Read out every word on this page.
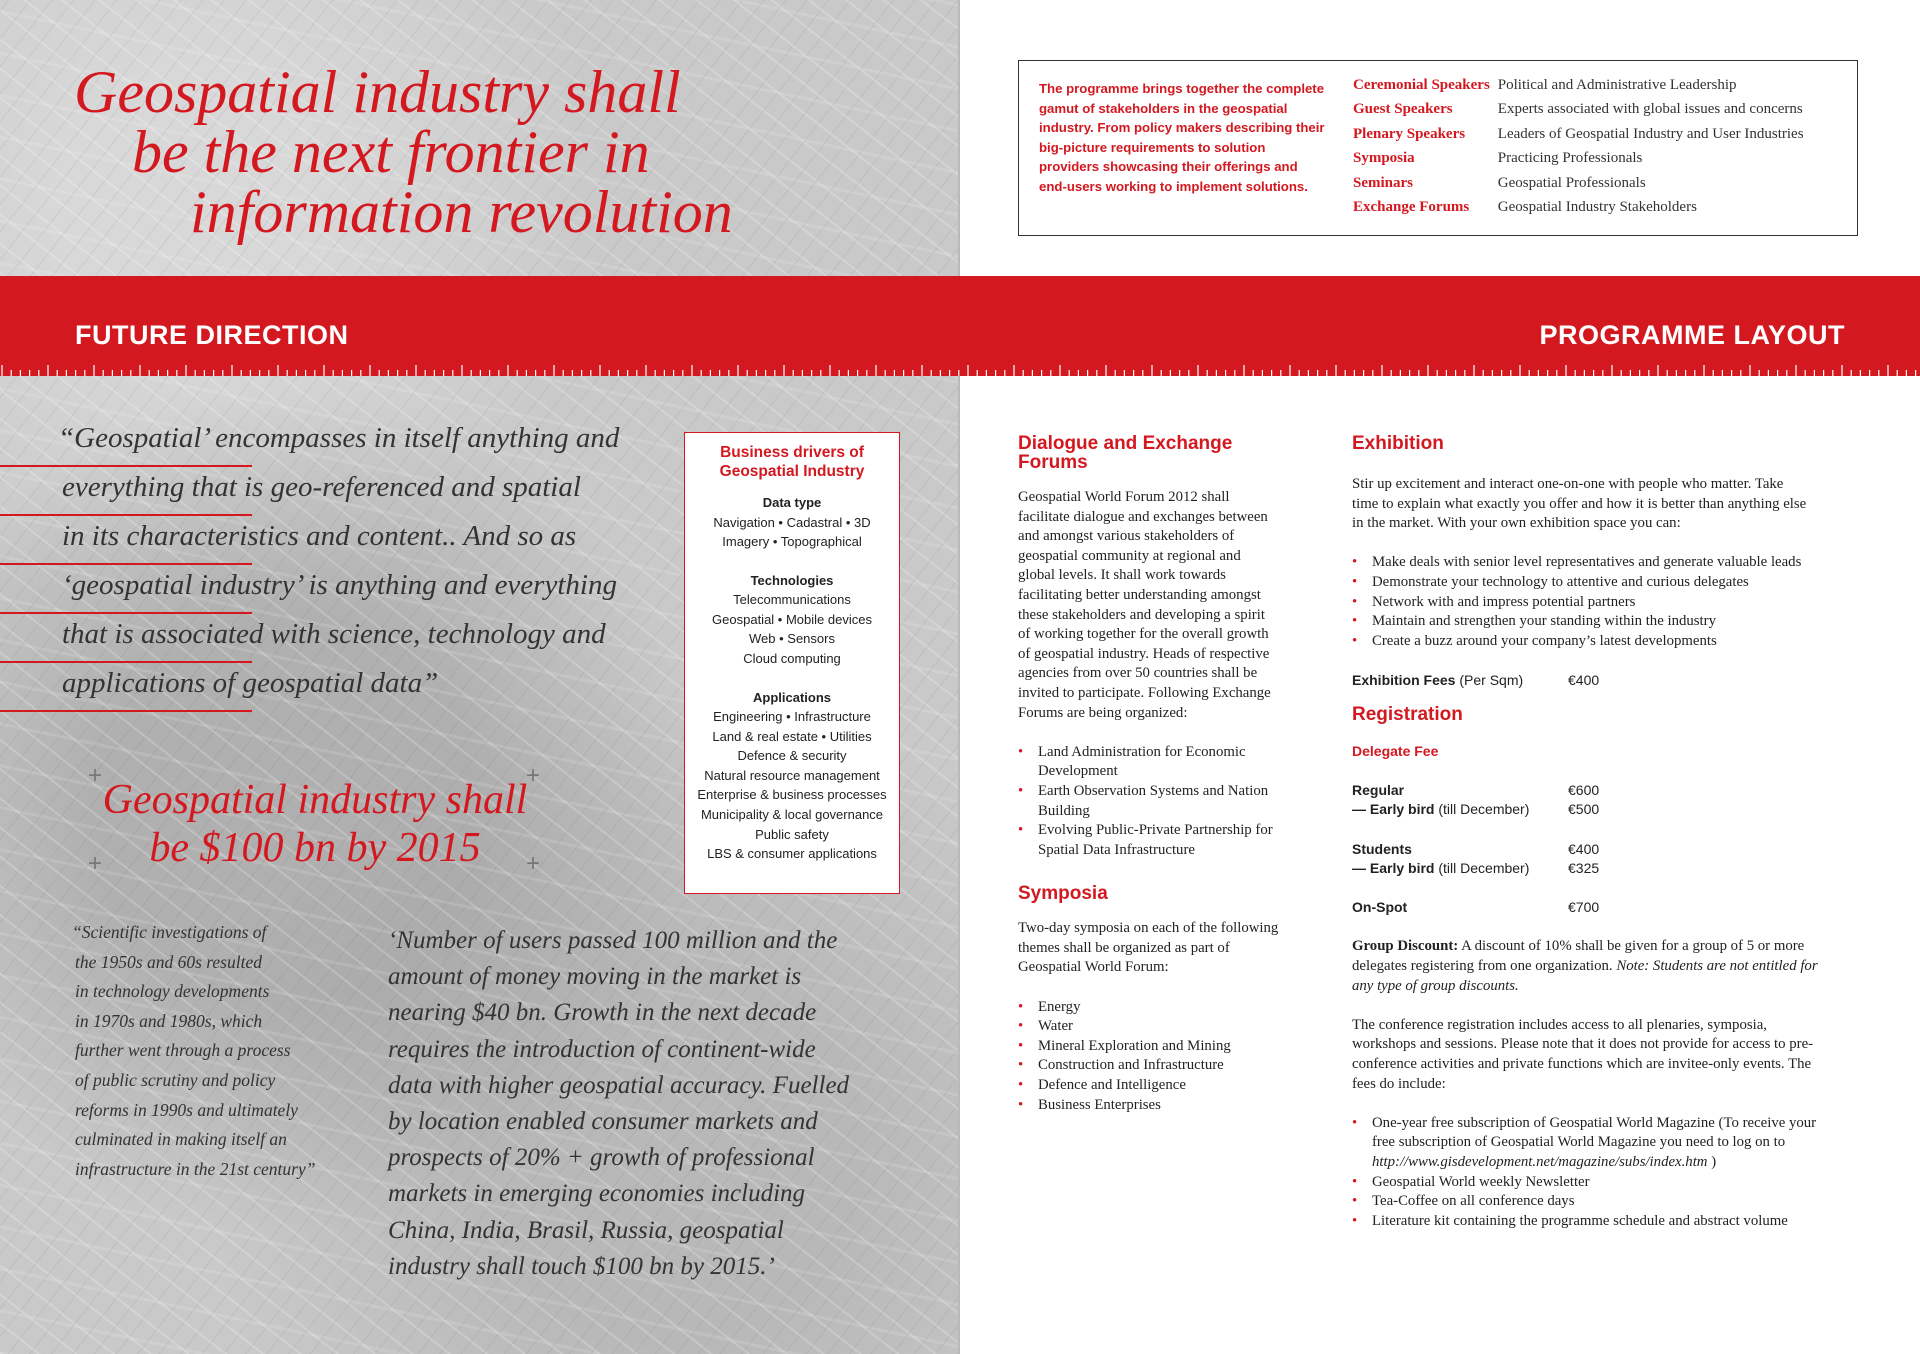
Geospatial industry shall
be the next frontier in
information revolution

The programme brings together the complete gamut of stakeholders in the geospatial industry. From policy makers describing their big-picture requirements to solution providers showcasing their offerings and end-users working to implement solutions.

Ceremonial Speakers	Political and Administrative Leadership
Guest Speakers	Experts associated with global issues and concerns
Plenary Speakers	Leaders of Geospatial Industry and User Industries
Symposia	Practicing Professionals
Seminars	Geospatial Professionals
Exchange Forums	Geospatial Industry Stakeholders
FUTURE DIRECTION	PROGRAMME LAYOUT
“Geospatial’ encompasses in itself anything and
everything that is geo-referenced and spatial
in its characteristics and content.. And so as
‘geospatial industry’ is anything and everything
that is associated with science, technology and
applications of geospatial data”
+	+
+	+
Geospatial industry shall
be $100 bn by 2015
“Scientific investigations of
the 1950s and 60s resulted
in technology developments
in 1970s and 1980s, which
further went through a process
of public scrutiny and policy
reforms in 1990s and ultimately
culminated in making itself an
infrastructure in the 21st century”
‘Number of users passed 100 million and the
amount of money moving in the market is
nearing $40 bn. Growth in the next decade
requires the introduction of continent-wide
data with higher geospatial accuracy. Fuelled
by location enabled consumer markets and
prospects of 20% + growth of professional
markets in emerging economies including
China, India, Brasil, Russia, geospatial
industry shall touch $100 bn by 2015.’
Business drivers of
Geospatial Industry

Data type

Navigation • Cadastral • 3D

Imagery • Topographical

Technologies

Telecommunications

Geospatial • Mobile devices

Web • Sensors

Cloud computing

Applications

Engineering • Infrastructure

Land & real estate • Utilities

Defence & security

Natural resource management

Enterprise & business processes

Municipality & local governance

Public safety

LBS & consumer applications

Dialogue and Exchange
Forums

Geospatial World Forum 2012 shall
facilitate dialogue and exchanges between
and amongst various stakeholders of
geospatial community at regional and
global levels. It shall work towards
facilitating better understanding amongst
these stakeholders and developing a spirit
of working together for the overall growth
of geospatial industry. Heads of respective
agencies from over 50 countries shall be
invited to participate. Following Exchange
Forums are being organized:

• Land Administration for Economic
Development
• Earth Observation Systems and Nation
Building
• Evolving Public-Private Partnership for
Spatial Data Infrastructure
Symposia

Two-day symposia on each of the following
themes shall be organized as part of
Geospatial World Forum:

• Energy
• Water
• Mineral Exploration and Mining
• Construction and Infrastructure
• Defence and Intelligence
• Business Enterprises
Exhibition

Stir up excitement and interact one-on-one with people who matter. Take
time to explain what exactly you offer and how it is better than anything else
in the market. With your own exhibition space you can:

• Make deals with senior level representatives and generate valuable leads
• Demonstrate your technology to attentive and curious delegates
• Network with and impress potential partners
• Maintain and strengthen your standing within the industry
• Create a buzz around your company’s latest developments
Exhibition Fees (Per Sqm)	€400
Registration
Delegate Fee
Regular	€600
— Early bird (till December)	€500
Students	€400
— Early bird (till December)	€325
On-Spot	€700

Group Discount: A discount of 10% shall be given for a group of 5 or more
delegates registering from one organization. Note: Students are not entitled for
any type of group discounts.

The conference registration includes access to all plenaries, symposia,
workshops and sessions. Please note that it does not provide for access to pre-
conference activities and private functions which are invitee-only events. The
fees do include:

• One-year free subscription of Geospatial World Magazine (To receive your
free subscription of Geospatial World Magazine you need to log on to
http://www.gisdevelopment.net/magazine/subs/index.htm )
• Geospatial World weekly Newsletter
• Tea-Coffee on all conference days
• Literature kit containing the programme schedule and abstract volume
